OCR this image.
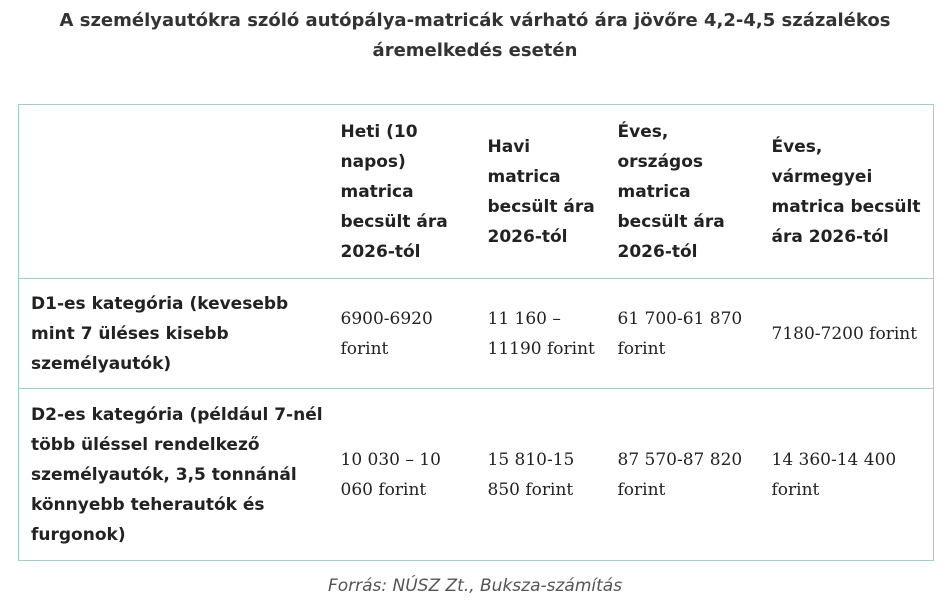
A személyautókra szóló autópálya-matricák várható ára jövőre 4,2-4,5 százalékos áremelkedés esetén
	Heti (10 napos) matrica becsült ára 2026-tól	Havi matrica becsült ára 2026-tól	Éves, országos matrica becsült ára 2026-tól	Éves, vármegyei matrica becsült ára 2026-tól
D1-es kategória (kevesebb mint 7 üléses kisebb személyautók)	6900-6920 forint	11 160 – 11190 forint	61 700-61 870 forint	7180-7200 forint
D2-es kategória (például 7-nél több üléssel rendelkező személyautók, 3,5 tonnánál könnyebb teherautók és furgonok)	10 030 – 10 060 forint	15 810-15 850 forint	87 570-87 820 forint	14 360-14 400 forint

Forrás: NÚSZ Zt., Buksza-számítás
